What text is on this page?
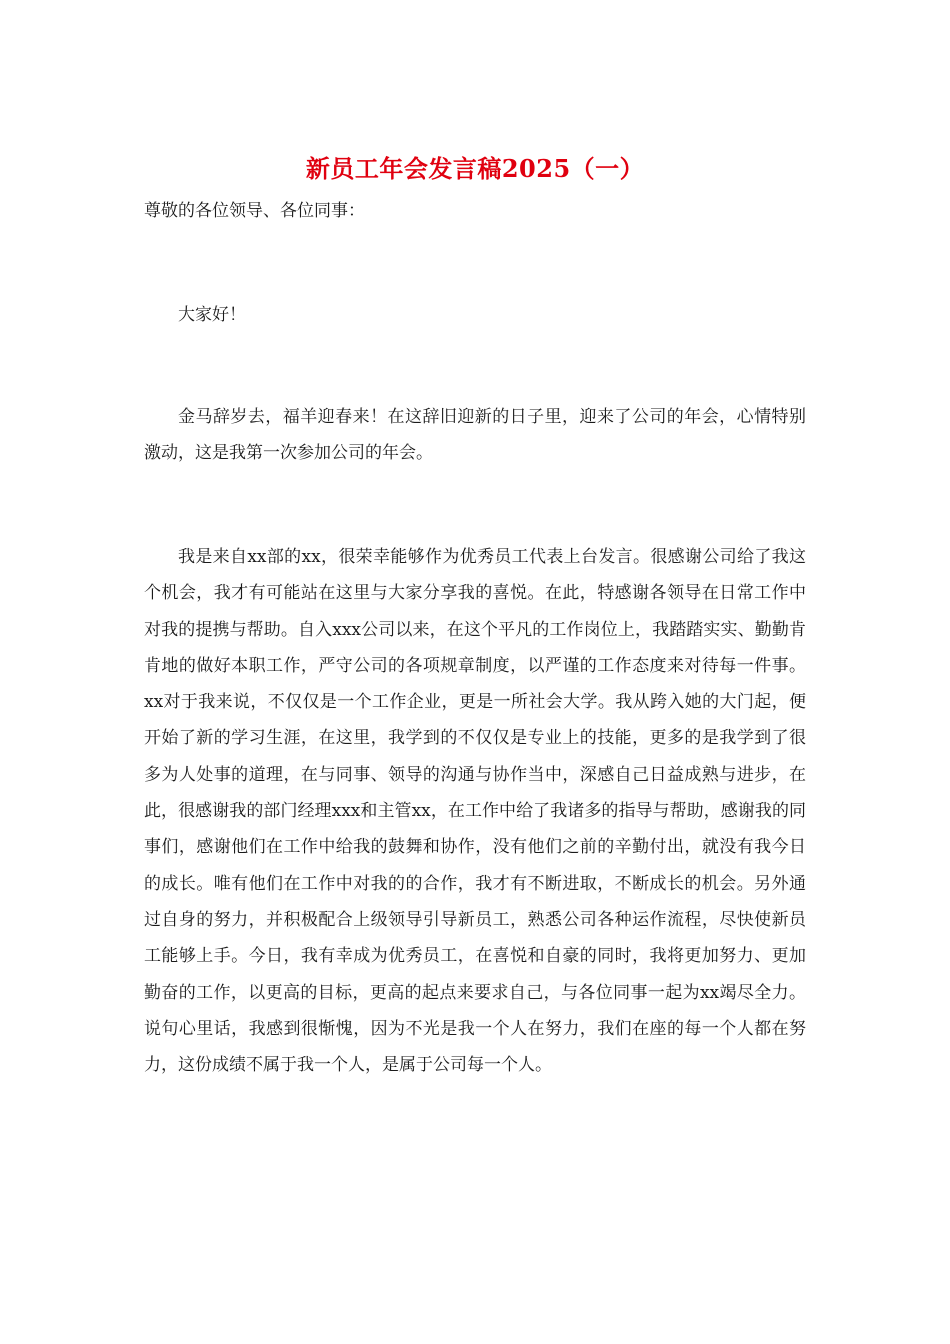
新员工年会发言稿2025（一）
尊敬的各位领导、各位同事：

大家好！

金马辞岁去，福羊迎春来！在这辞旧迎新的日子里，迎来了公司的年会，心情特别激动，这是我第一次参加公司的年会。

我是来自xx部的xx，很荣幸能够作为优秀员工代表上台发言。很感谢公司给了我这个机会，我才有可能站在这里与大家分享我的喜悦。在此，特感谢各领导在日常工作中对我的提携与帮助。自入xxx公司以来，在这个平凡的工作岗位上，我踏踏实实、勤勤肯肯地的做好本职工作，严守公司的各项规章制度，以严谨的工作态度来对待每一件事。xx对于我来说，不仅仅是一个工作企业，更是一所社会大学。我从跨入她的大门起，便开始了新的学习生涯，在这里，我学到的不仅仅是专业上的技能，更多的是我学到了很多为人处事的道理，在与同事、领导的沟通与协作当中，深感自己日益成熟与进步，在此，很感谢我的部门经理xxx和主管xx，在工作中给了我诸多的指导与帮助，感谢我的同事们，感谢他们在工作中给我的鼓舞和协作，没有他们之前的辛勤付出，就没有我今日的成长。唯有他们在工作中对我的的合作，我才有不断进取，不断成长的机会。另外通过自身的努力，并积极配合上级领导引导新员工，熟悉公司各种运作流程，尽快使新员工能够上手。今日，我有幸成为优秀员工，在喜悦和自豪的同时，我将更加努力、更加勤奋的工作，以更高的目标，更高的起点来要求自己，与各位同事一起为xx竭尽全力。说句心里话，我感到很惭愧，因为不光是我一个人在努力，我们在座的每一个人都在努力，这份成绩不属于我一个人，是属于公司每一个人。
